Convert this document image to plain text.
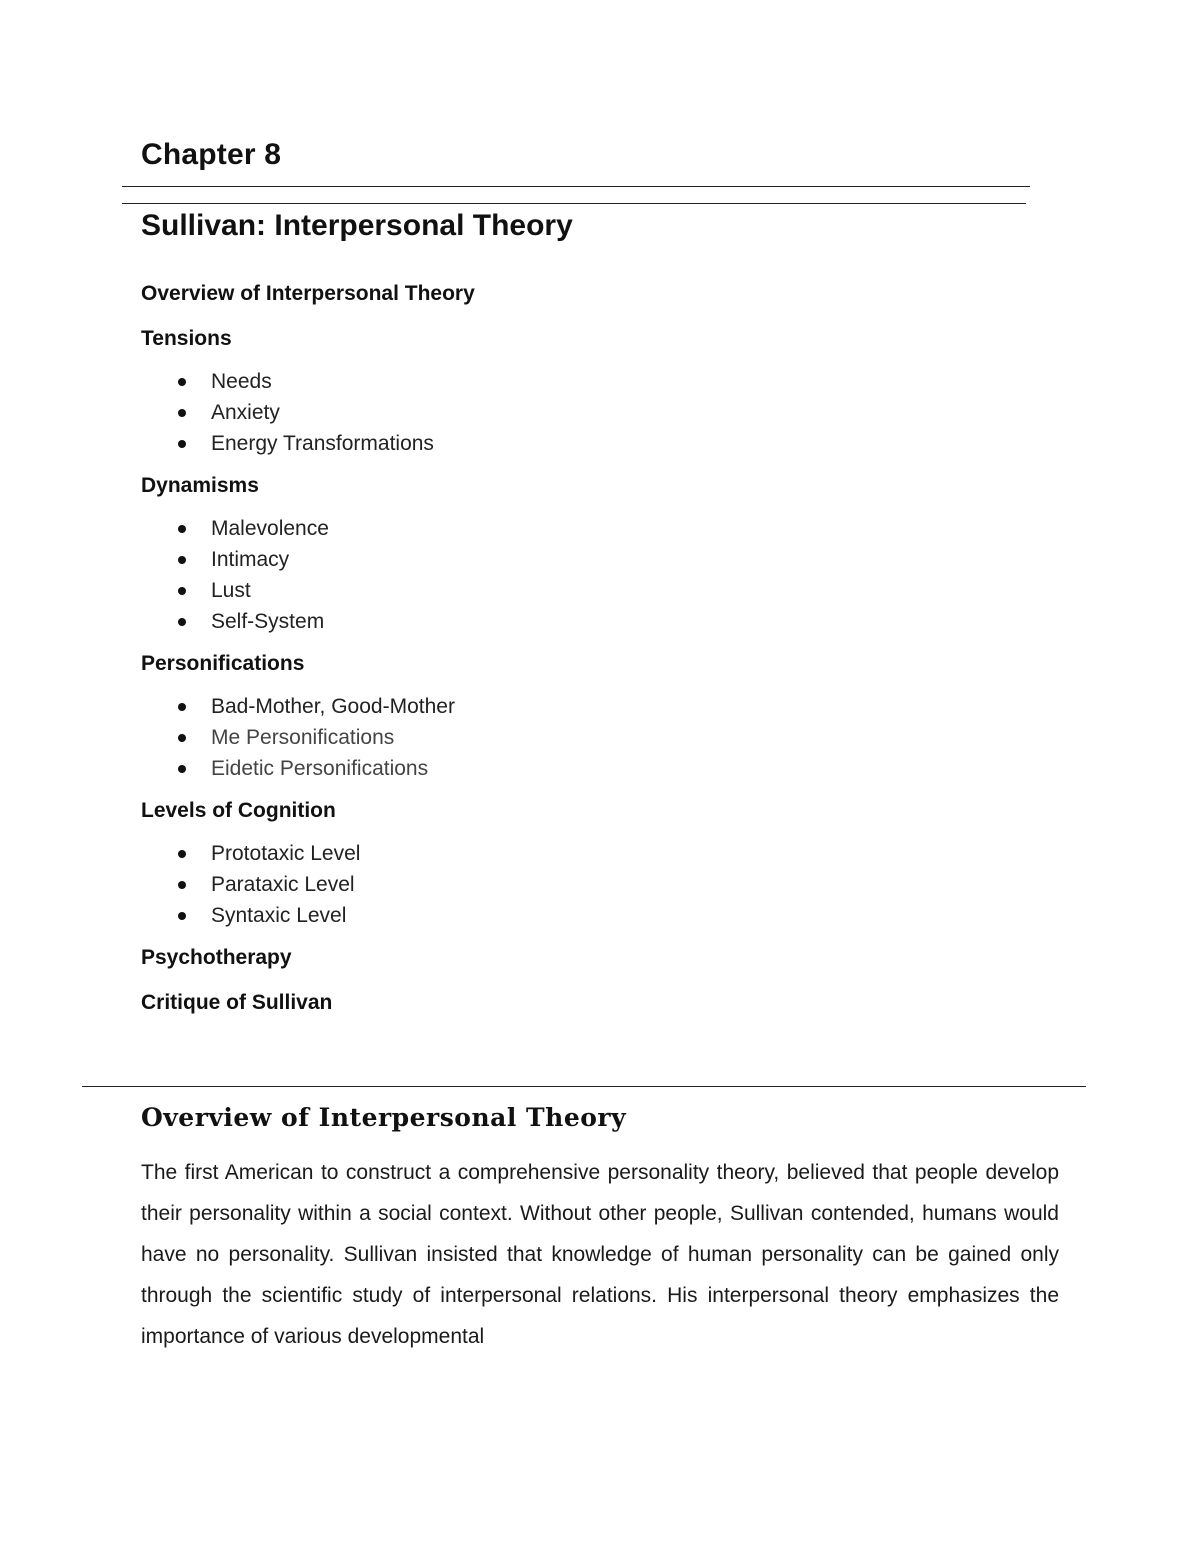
Chapter 8
Sullivan: Interpersonal Theory

Overview of Interpersonal Theory

Tensions

Needs
Anxiety
Energy Transformations

Dynamisms

Malevolence
Intimacy
Lust
Self-System

Personifications

Bad-Mother, Good-Mother
Me Personifications
Eidetic Personifications

Levels of Cognition

Prototaxic Level
Parataxic Level
Syntaxic Level

Psychotherapy

Critique of Sullivan

Overview of Interpersonal Theory
The first American to construct a comprehensive personality theory, believed that people develop their personality within a social context. Without other people, Sullivan contended, humans would have no personality. Sullivan insisted that knowledge of human personality can be gained only through the scientific study of interpersonal relations. His interpersonal theory emphasizes the importance of various developmental
